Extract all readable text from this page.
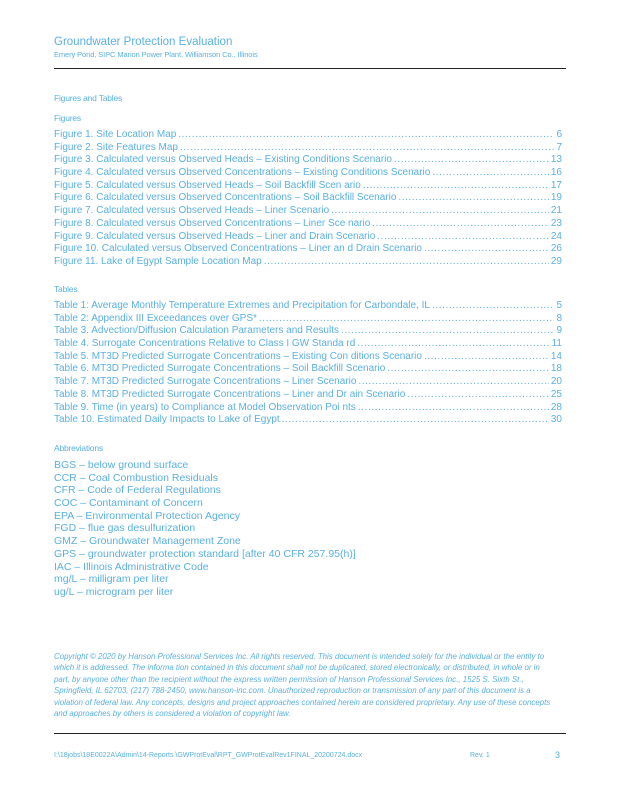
Groundwater Protection Evaluation
Emery Pond, SIPC Marion Power Plant, Williamson Co., Illinois
Figures and Tables
Figures
Figure 1. Site Location Map .....	6
Figure 2. Site Features Map .....	7
Figure 3. Calculated versus Observed Heads – Existing Conditions Scenario .....	13
Figure 4. Calculated versus Observed Concentrations – Existing Conditions Scenario .....	16
Figure 5. Calculated versus Observed Heads – Soil Backfill Scen ario .....	17
Figure 6. Calculated versus Observed Concentrations – Soil Backfill Scenario .....	19
Figure 7. Calculated versus Observed Heads – Liner Scenario .....	21
Figure 8. Calculated versus Observed Concentrations – Liner Sce nario .....	23
Figure 9. Calculated versus Observed Heads – Liner and Drain Scenario .....	24
Figure 10. Calculated versus Observed Concentrations – Liner an d Drain Scenario .....	26
Figure 11. Lake of Egypt Sample Location Map .....	29
Tables
Table 1: Average Monthly Temperature Extremes and Precipitation for Carbondale, IL .....	5
Table 2: Appendix III Exceedances over GPS* .....	8
Table 3. Advection/Diffusion Calculation Parameters and Results .....	9
Table 4. Surrogate Concentrations Relative to Class I GW Standa rd .....	11
Table 5. MT3D Predicted Surrogate Concentrations – Existing Con ditions Scenario .....	14
Table 6. MT3D Predicted Surrogate Concentrations – Soil Backfill Scenario .....	18
Table 7. MT3D Predicted Surrogate Concentrations – Liner Scenario .....	20
Table 8. MT3D Predicted Surrogate Concentrations – Liner and Dr ain Scenario .....	25
Table 9. Time (in years) to Compliance at Model Observation Poi nts .....	28
Table 10. Estimated Daily Impacts to Lake of Egypt .....	30
Abbreviations
BGS – below ground surface
CCR – Coal Combustion Residuals
CFR – Code of Federal Regulations
COC – Contaminant of Concern
EPA – Environmental Protection Agency
FGD – flue gas desulfurization
GMZ – Groundwater Management Zone
GPS – groundwater protection standard [after 40 CFR 257.95(h)]
IAC – Illinois Administrative Code
mg/L – milligram per liter
ug/L – microgram per liter
Copyright © 2020 by Hanson Professional Services Inc. All rights reserved. This document is intended solely for the individual or the entity to which it is addressed. The informa tion contained in this document shall not be duplicated, stored electronically, or distributed, in whole or in part, by anyone other than the recipient without the express written permission of Hanson Professional Services Inc., 1525 S. Sixth St., Springfield, IL 62703, (217) 788-2450, www.hanson-inc.com. Unauthorized reproduction or transmission of any part of this document is a violation of federal law. Any concepts, designs and project approaches contained herein are considered proprietary. Any use of these concepts and approaches by others is considered a violation of copyright law.
I:\18jobs\18E0022A\Admin\14-Reports \GWProtEval\RPT_GWProtEvalRev1FINAL_20200724.docx	Rev. 1	3
